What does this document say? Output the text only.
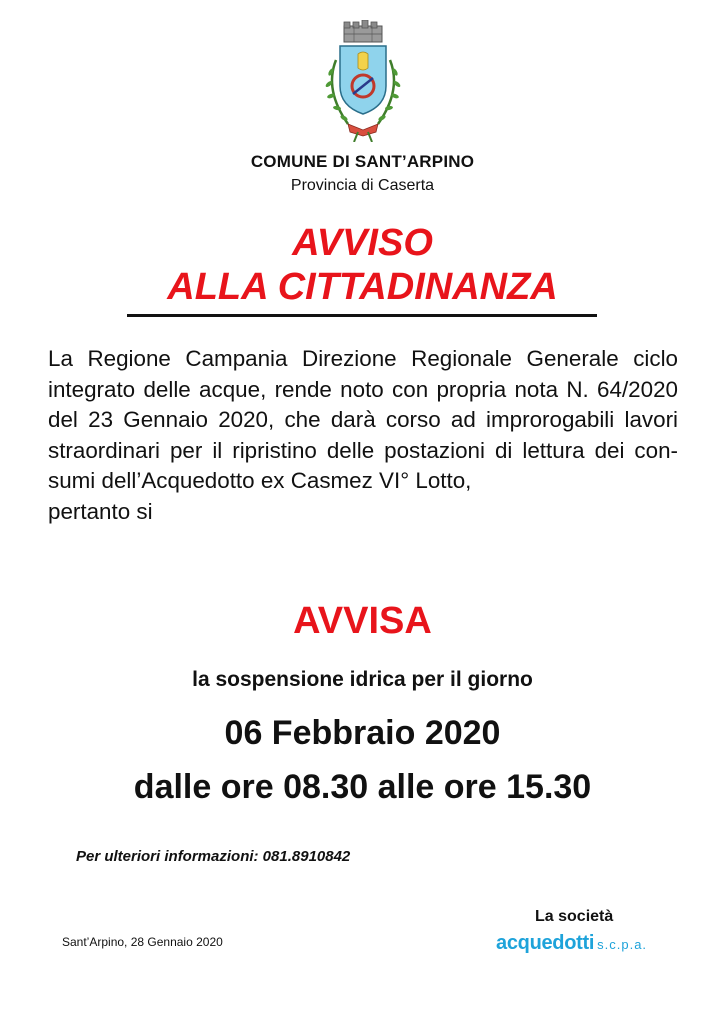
COMUNE DI SANT’ARPINO
Provincia di Caserta
AVVISO
ALLA CITTADINANZA
La Regione Campania Direzione Regionale Generale ciclo integrato delle acque, rende noto con propria nota N. 64/2020 del 23 Gennaio 2020, che darà corso ad improrogabili lavori straordinari per il ripristino delle postazioni di lettura dei con-sumi dell’Acquedotto ex Casmez VI° Lotto,
pertanto si
AVVISA
la sospensione idrica per il giorno
06 Febbraio 2020
dalle ore 08.30 alle ore 15.30
Per ulteriori informazioni: 081.8910842
Sant’Arpino, 28 Gennaio 2020
La società
acquedotti s.c.p.a.
